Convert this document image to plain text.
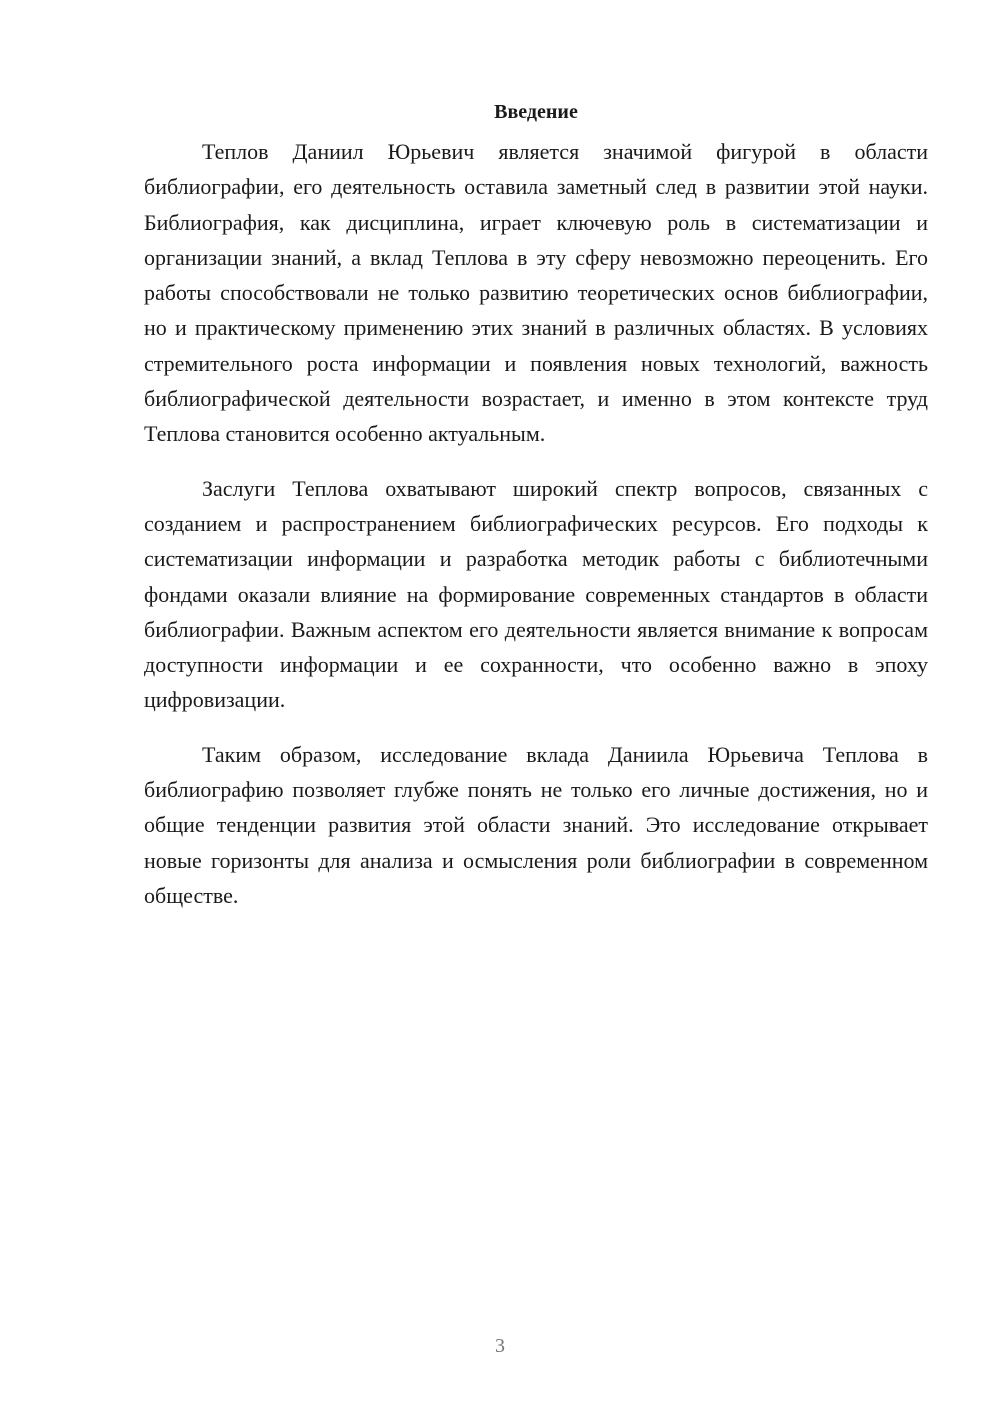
Введение

Теплов Даниил Юрьевич является значимой фигурой в области библиографии, его деятельность оставила заметный след в развитии этой науки. Библиография, как дисциплина, играет ключевую роль в систематизации и организации знаний, а вклад Теплова в эту сферу невозможно переоценить. Его работы способствовали не только развитию теоретических основ библиографии, но и практическому применению этих знаний в различных областях. В условиях стремительного роста информации и появления новых технологий, важность библиографической деятельности возрастает, и именно в этом контексте труд Теплова становится особенно актуальным.

Заслуги Теплова охватывают широкий спектр вопросов, связанных с созданием и распространением библиографических ресурсов. Его подходы к систематизации информации и разработка методик работы с библиотечными фондами оказали влияние на формирование современных стандартов в области библиографии. Важным аспектом его деятельности является внимание к вопросам доступности информации и ее сохранности, что особенно важно в эпоху цифровизации.

Таким образом, исследование вклада Даниила Юрьевича Теплова в библиографию позволяет глубже понять не только его личные достижения, но и общие тенденции развития этой области знаний. Это исследование открывает новые горизонты для анализа и осмысления роли библиографии в современном обществе.

3
